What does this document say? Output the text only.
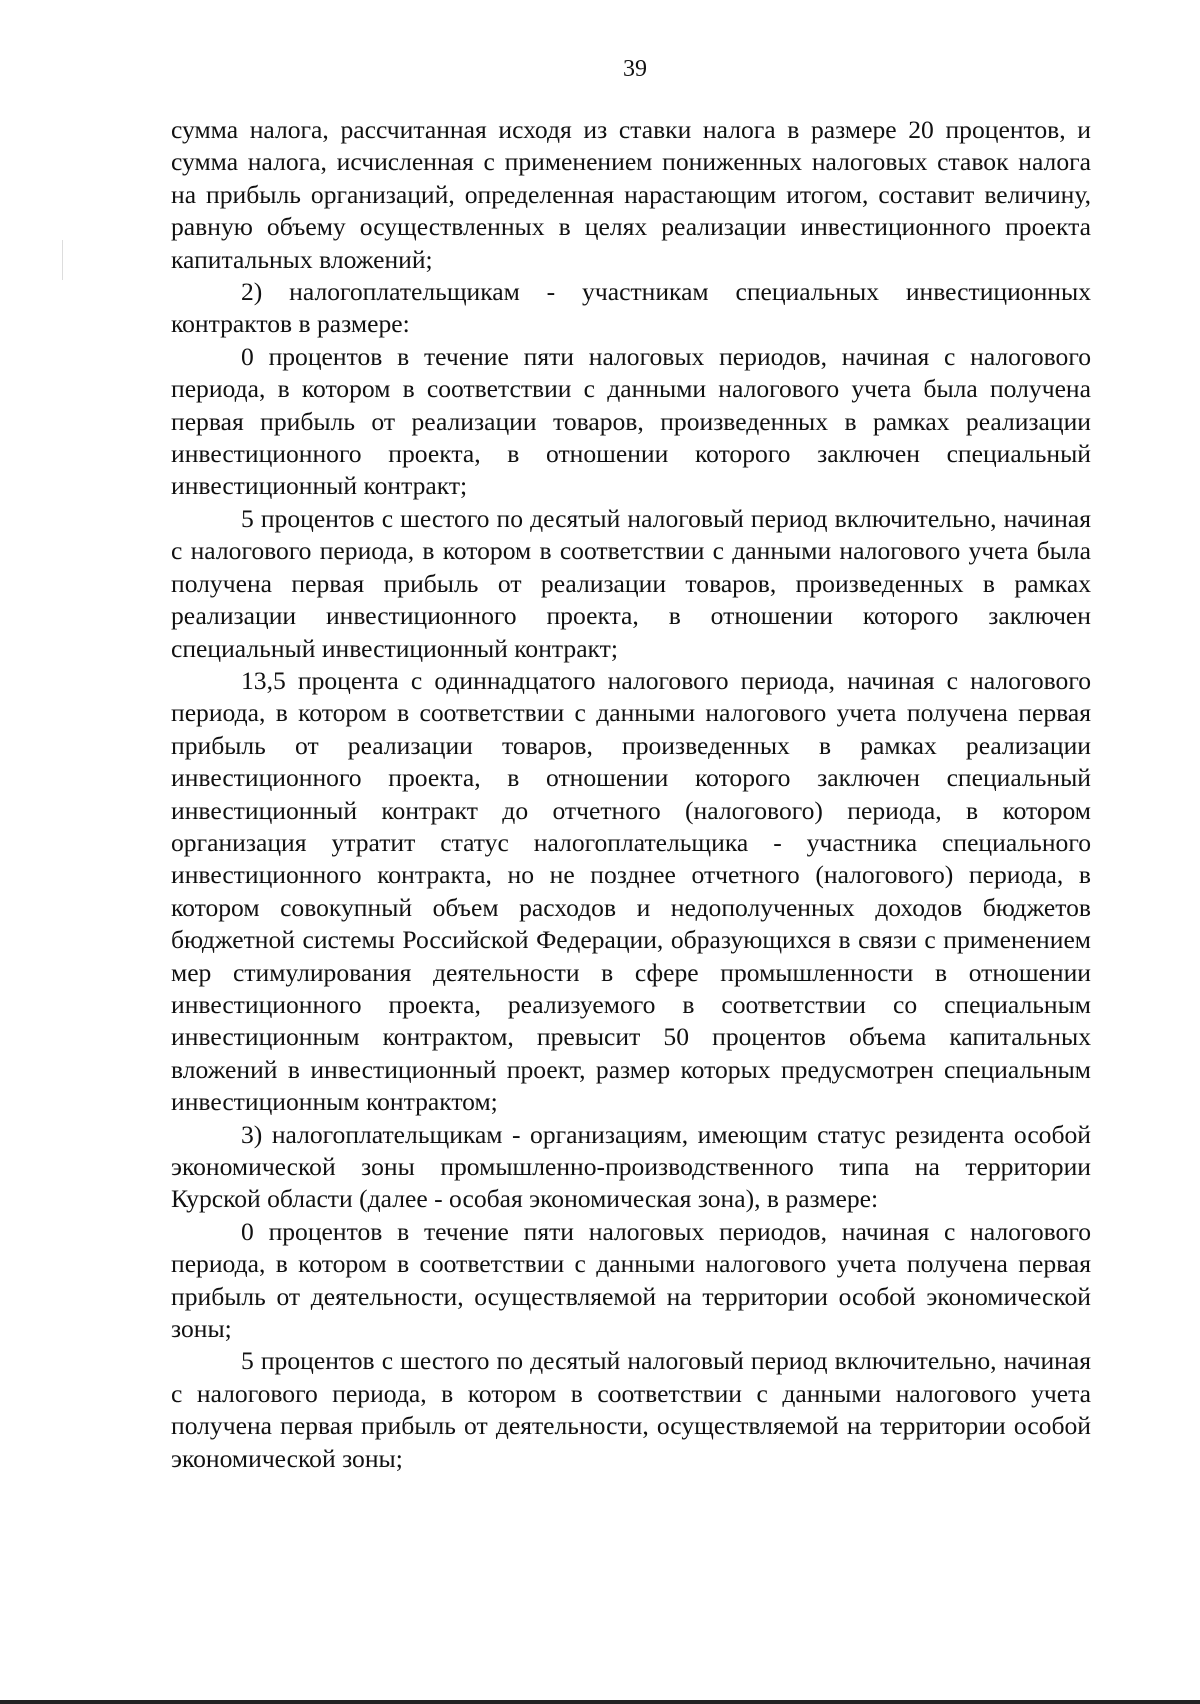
39

сумма налога, рассчитанная исходя из ставки налога в размере 20 процентов, и сумма налога, исчисленная с применением пониженных налоговых ставок налога на прибыль организаций, определенная нарастающим итогом, составит величину, равную объему осуществленных в целях реализации инвестиционного проекта капитальных вложений;

2) налогоплательщикам - участникам специальных инвестиционных контрактов в размере:

0 процентов в течение пяти налоговых периодов, начиная с налогового периода, в котором в соответствии с данными налогового учета была получена первая прибыль от реализации товаров, произведенных в рамках реализации инвестиционного проекта, в отношении которого заключен специальный инвестиционный контракт;

5 процентов с шестого по десятый налоговый период включительно, начиная с налогового периода, в котором в соответствии с данными налогового учета была получена первая прибыль от реализации товаров, произведенных в рамках реализации инвестиционного проекта, в отношении которого заключен специальный инвестиционный контракт;

13,5 процента с одиннадцатого налогового периода, начиная с налогового периода, в котором в соответствии с данными налогового учета получена первая прибыль от реализации товаров, произведенных в рамках реализации инвестиционного проекта, в отношении которого заключен специальный инвестиционный контракт до отчетного (налогового) периода, в котором организация утратит статус налогоплательщика - участника специального инвестиционного контракта, но не позднее отчетного (налогового) периода, в котором совокупный объем расходов и недополученных доходов бюджетов бюджетной системы Российской Федерации, образующихся в связи с применением мер стимулирования деятельности в сфере промышленности в отношении инвестиционного проекта, реализуемого в соответствии со специальным инвестиционным контрактом, превысит 50 процентов объема капитальных вложений в инвестиционный проект, размер которых предусмотрен специальным инвестиционным контрактом;

3) налогоплательщикам - организациям, имеющим статус резидента особой экономической зоны промышленно-производственного типа на территории Курской области (далее - особая экономическая зона), в размере:

0 процентов в течение пяти налоговых периодов, начиная с налогового периода, в котором в соответствии с данными налогового учета получена первая прибыль от деятельности, осуществляемой на территории особой экономической зоны;

5 процентов с шестого по десятый налоговый период включительно, начиная с налогового периода, в котором в соответствии с данными налогового учета получена первая прибыль от деятельности, осуществляемой на территории особой экономической зоны;
